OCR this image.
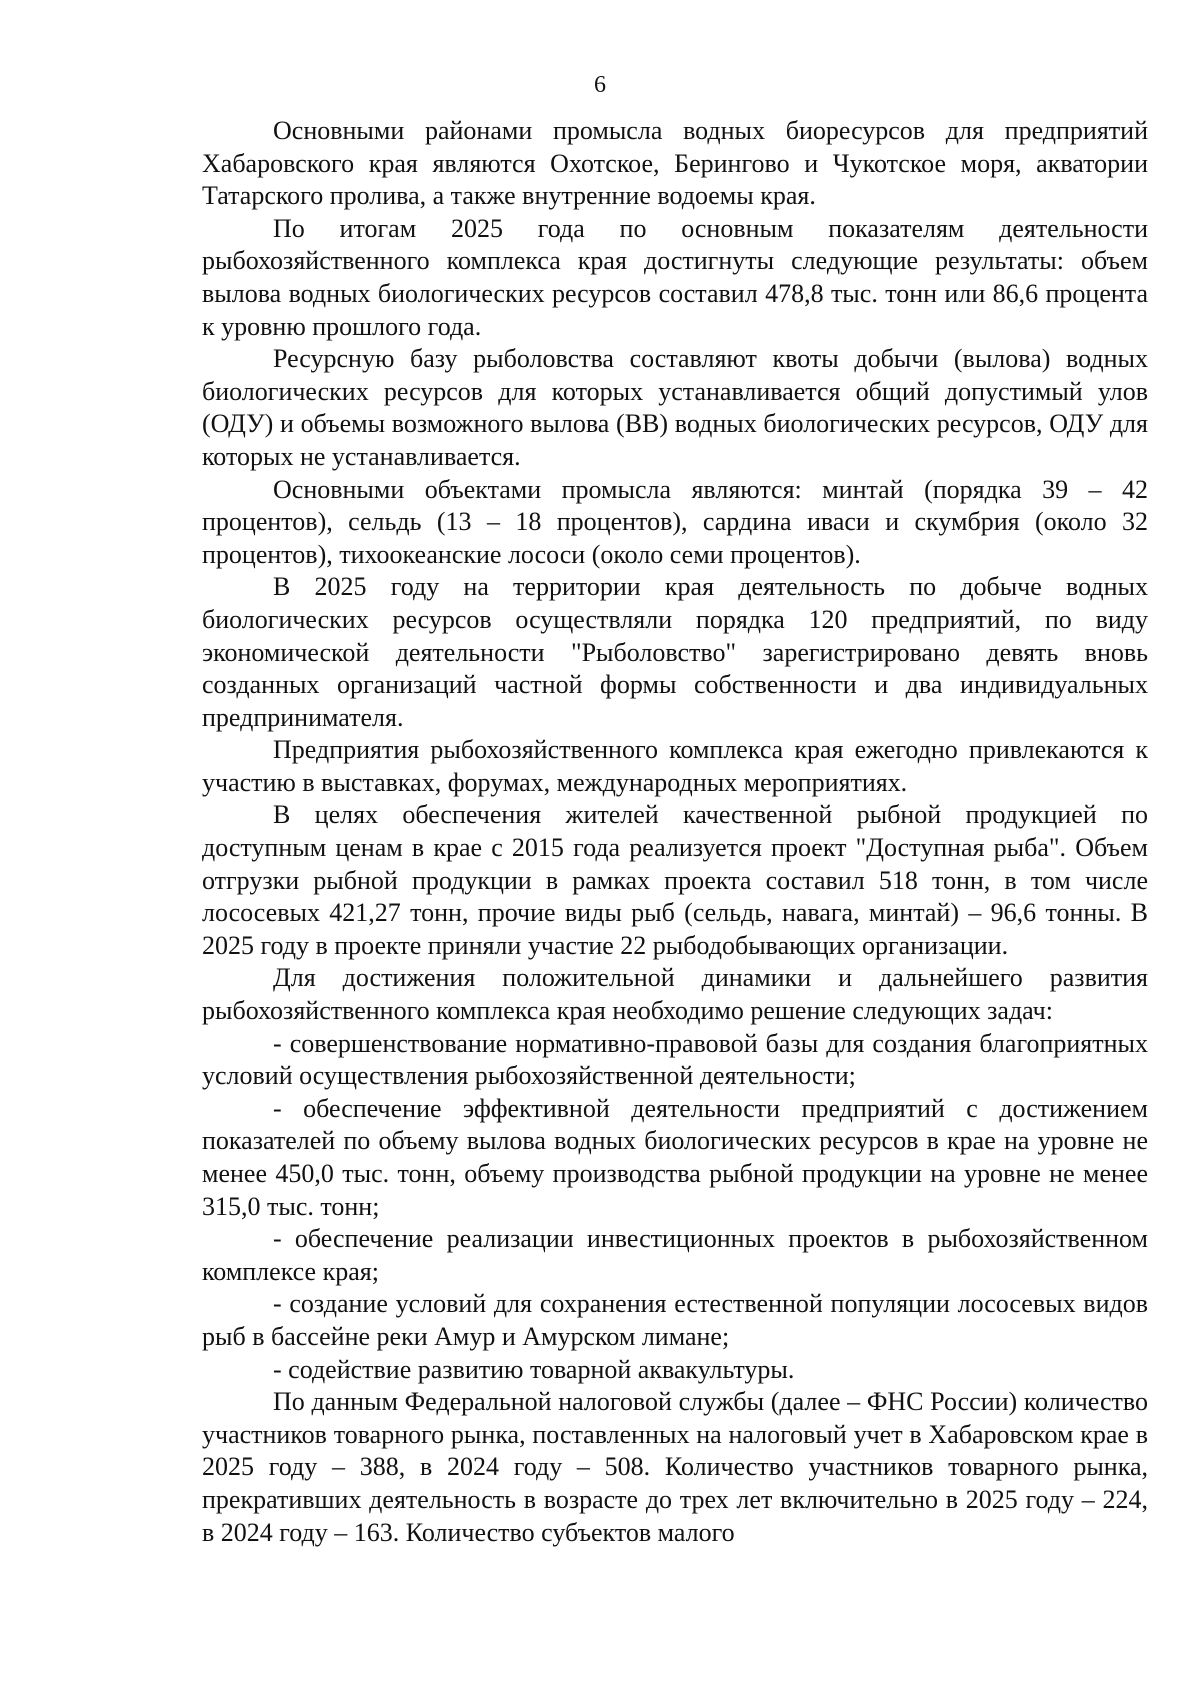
6

Основными районами промысла водных биоресурсов для предприятий Хабаровского края являются Охотское, Берингово и Чукотское моря, акватории Татарского пролива, а также внутренние водоемы края.

По итогам 2025 года по основным показателям деятельности рыбохозяйственного комплекса края достигнуты следующие результаты: объем вылова водных биологических ресурсов составил 478,8 тыс. тонн или 86,6 процента к уровню прошлого года.

Ресурсную базу рыболовства составляют квоты добычи (вылова) водных биологических ресурсов для которых устанавливается общий допустимый улов (ОДУ) и объемы возможного вылова (ВВ) водных биологических ресурсов, ОДУ для которых не устанавливается.

Основными объектами промысла являются: минтай (порядка 39 – 42 процентов), сельдь (13 – 18 процентов), сардина иваси и скумбрия (около 32 процентов), тихоокеанские лососи (около семи процентов).

В 2025 году на территории края деятельность по добыче водных биологических ресурсов осуществляли порядка 120 предприятий, по виду экономической деятельности "Рыболовство" зарегистрировано девять вновь созданных организаций частной формы собственности и два индивидуальных предпринимателя.

Предприятия рыбохозяйственного комплекса края ежегодно привлекаются к участию в выставках, форумах, международных мероприятиях.

В целях обеспечения жителей качественной рыбной продукцией по доступным ценам в крае с 2015 года реализуется проект "Доступная рыба". Объем отгрузки рыбной продукции в рамках проекта составил 518 тонн, в том числе лососевых 421,27 тонн, прочие виды рыб (сельдь, навага, минтай) – 96,6 тонны. В 2025 году в проекте приняли участие 22 рыбодобывающих организации.

Для достижения положительной динамики и дальнейшего развития рыбохозяйственного комплекса края необходимо решение следующих задач:

- совершенствование нормативно-правовой базы для создания благоприятных условий осуществления рыбохозяйственной деятельности;

- обеспечение эффективной деятельности предприятий с достижением показателей по объему вылова водных биологических ресурсов в крае на уровне не менее 450,0 тыс. тонн, объему производства рыбной продукции на уровне не менее 315,0 тыс. тонн;

- обеспечение реализации инвестиционных проектов в рыбохозяйственном комплексе края;

- создание условий для сохранения естественной популяции лососевых видов рыб в бассейне реки Амур и Амурском лимане;

- содействие развитию товарной аквакультуры.

По данным Федеральной налоговой службы (далее – ФНС России) количество участников товарного рынка, поставленных на налоговый учет в Хабаровском крае в 2025 году – 388, в 2024 году – 508. Количество участников товарного рынка, прекративших деятельность в возрасте до трех лет включительно в 2025 году – 224, в 2024 году – 163. Количество субъектов малого
